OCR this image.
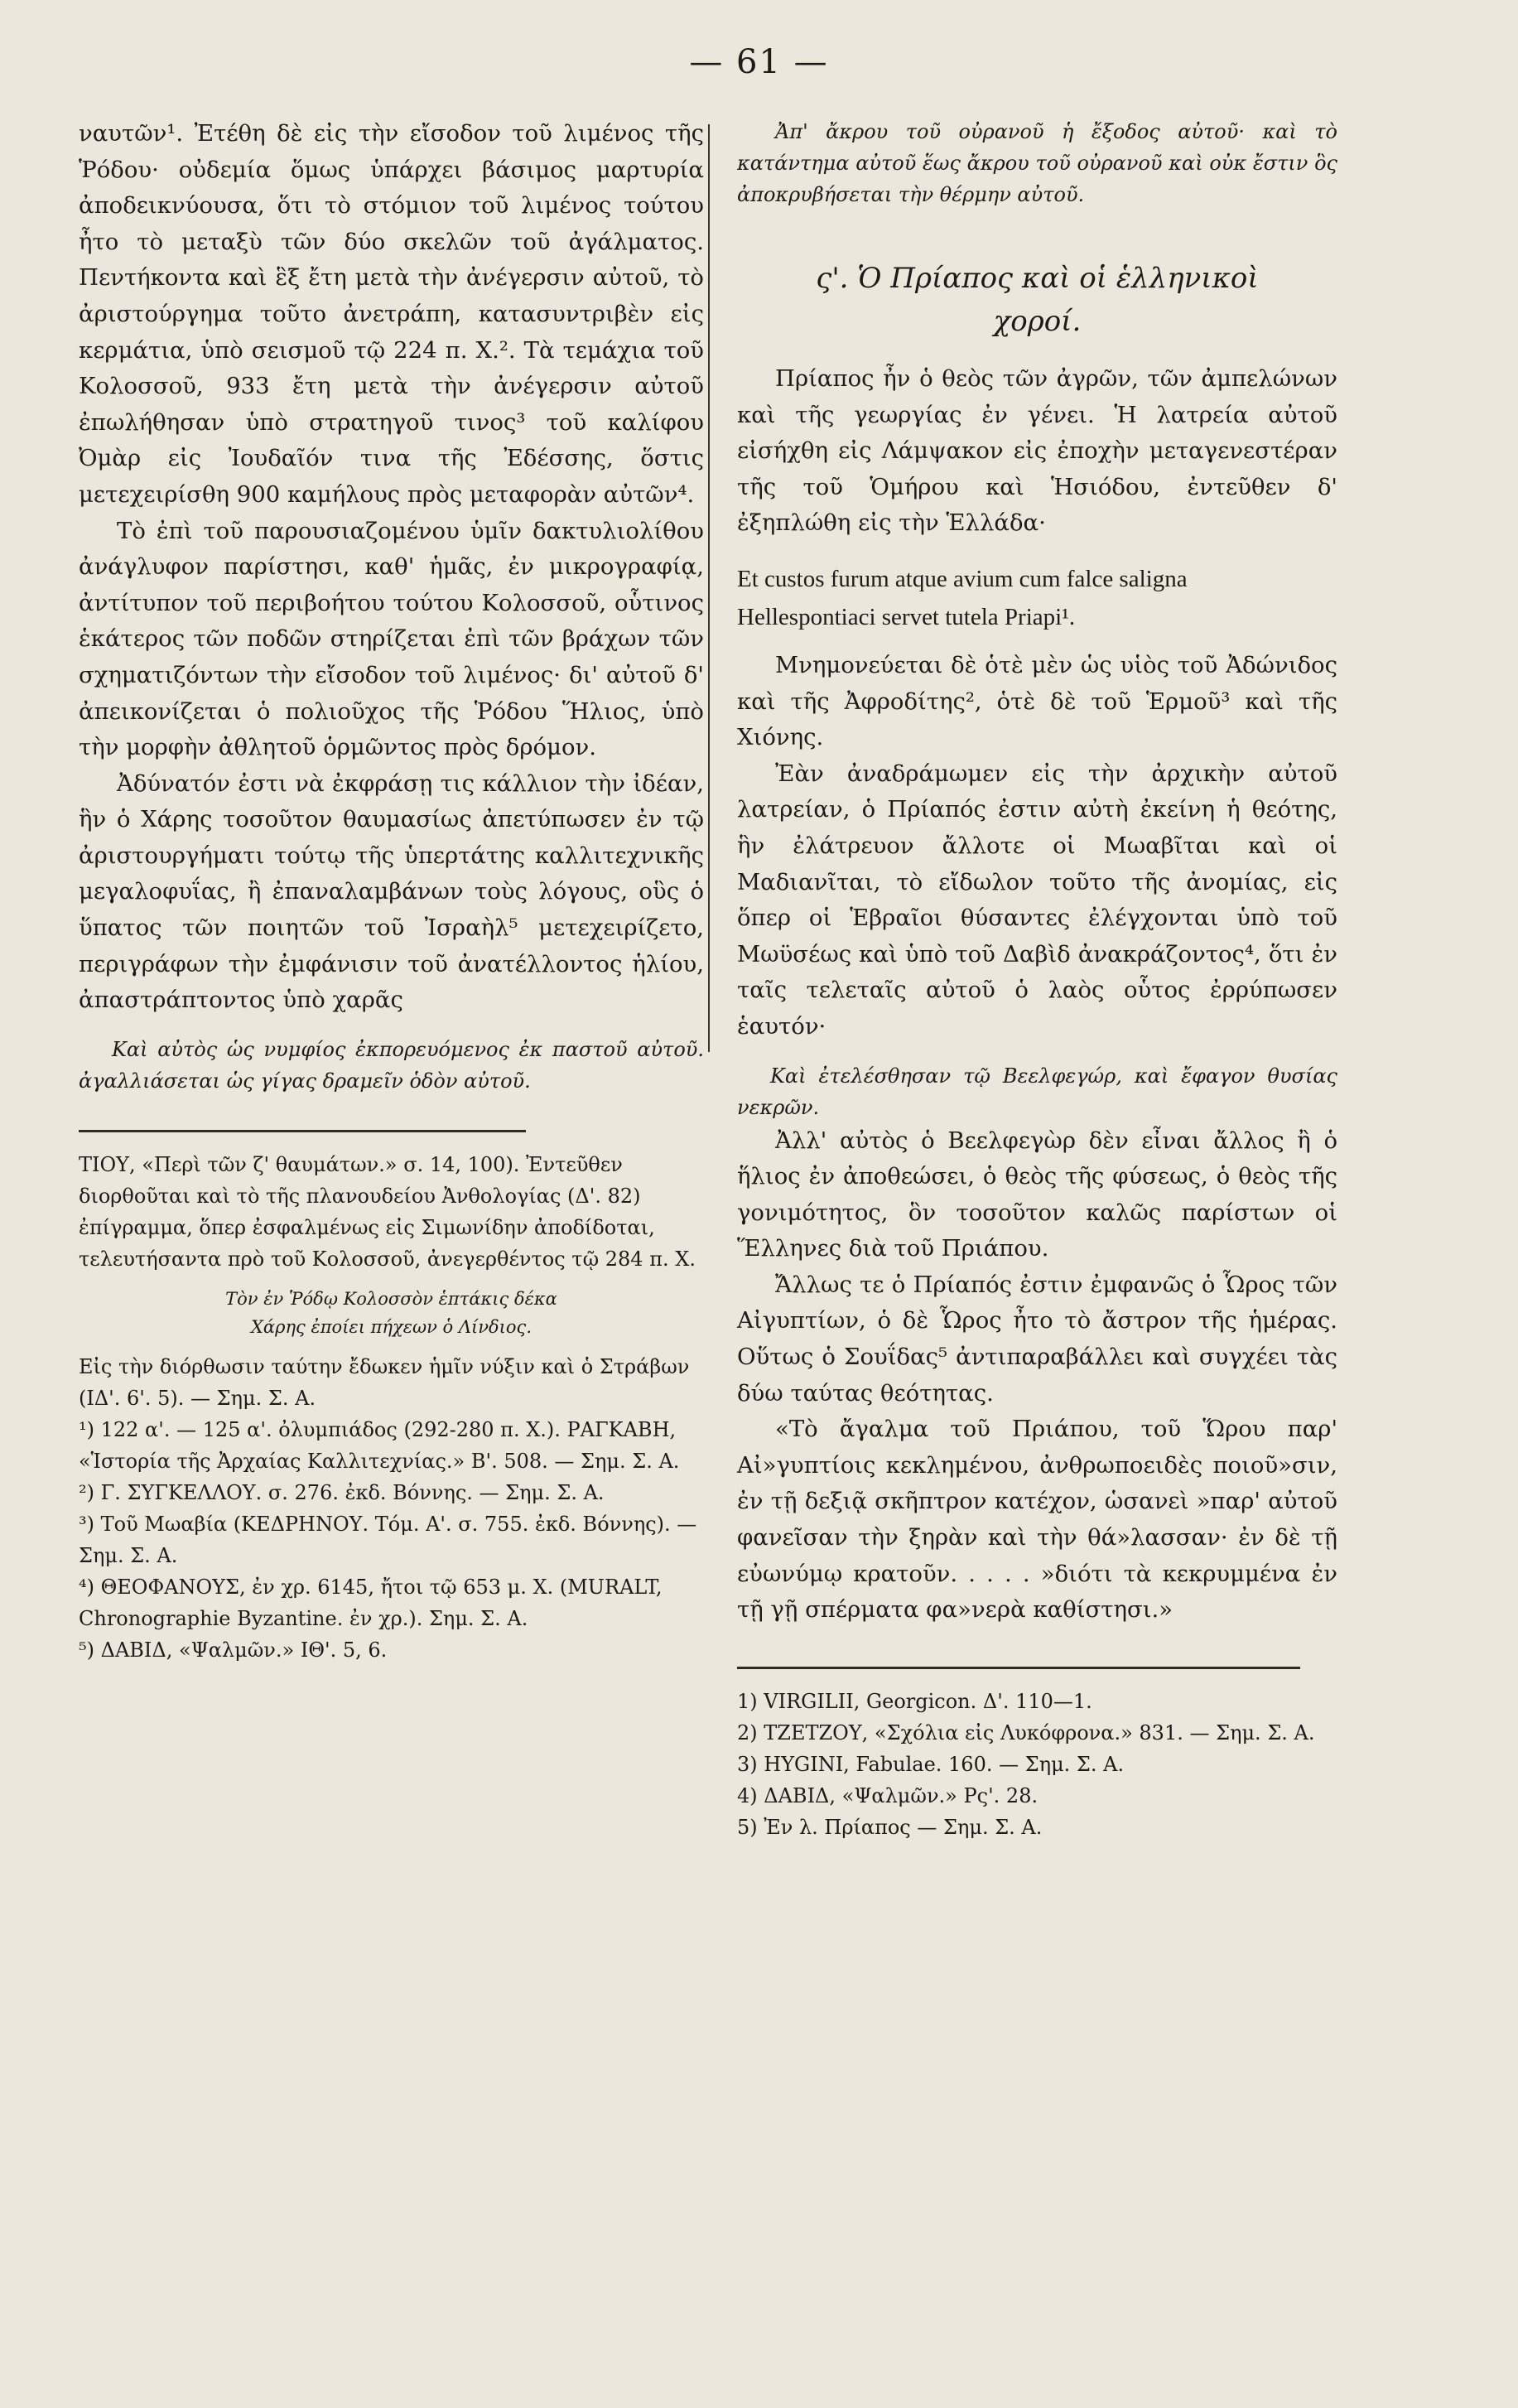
— 61 —

ναυτῶν¹. Ἐτέθη δὲ εἰς τὴν εἴσοδον τοῦ λιμένος τῆς Ῥόδου· οὐδεμία ὅμως ὑπάρχει βάσιμος μαρτυρία ἀποδεικνύουσα, ὅτι τὸ στόμιον τοῦ λιμένος τούτου ἦτο τὸ μεταξὺ τῶν δύο σκελῶν τοῦ ἀγάλματος. Πεντήκοντα καὶ ἓξ ἔτη μετὰ τὴν ἀνέγερσιν αὐτοῦ, τὸ ἀριστούργημα τοῦτο ἀνετράπη, κατασυντριβὲν εἰς κερμάτια, ὑπὸ σεισμοῦ τῷ 224 π. Χ.². Τὰ τεμάχια τοῦ Κολοσσοῦ, 933 ἔτη μετὰ τὴν ἀνέγερσιν αὐτοῦ ἐπωλήθησαν ὑπὸ στρατηγοῦ τινος³ τοῦ καλίφου Ὀμὰρ εἰς Ἰουδαῖόν τινα τῆς Ἐδέσσης, ὅστις μετεχειρίσθη 900 καμήλους πρὸς μεταφορὰν αὐτῶν⁴.

Τὸ ἐπὶ τοῦ παρουσιαζομένου ὑμῖν δακτυλιολίθου ἀνάγλυφον παρίστησι, καθ' ἡμᾶς, ἐν μικρογραφίᾳ, ἀντίτυπον τοῦ περιβοήτου τούτου Κολοσσοῦ, οὗτινος ἑκάτερος τῶν ποδῶν στηρίζεται ἐπὶ τῶν βράχων τῶν σχηματιζόντων τὴν εἴσοδον τοῦ λιμένος· δι' αὐτοῦ δ' ἀπεικονίζεται ὁ πολιοῦχος τῆς Ῥόδου Ἥλιος, ὑπὸ τὴν μορφὴν ἀθλητοῦ ὁρμῶντος πρὸς δρόμον.

Ἀδύνατόν ἐστι νὰ ἐκφράσῃ τις κάλλιον τὴν ἰδέαν, ἣν ὁ Χάρης τοσοῦτον θαυμασίως ἀπετύπωσεν ἐν τῷ ἀριστουργήματι τούτῳ τῆς ὑπερτάτης καλλιτεχνικῆς μεγαλοφυΐας, ἢ ἐπαναλαμβάνων τοὺς λόγους, οὓς ὁ ὕπατος τῶν ποιητῶν τοῦ Ἰσραὴλ⁵ μετεχειρίζετο, περιγράφων τὴν ἐμφάνισιν τοῦ ἀνατέλλοντος ἡλίου, ἀπαστράπτοντος ὑπὸ χαρᾶς

Καὶ αὐτὸς ὡς νυμφίος ἐκπορευόμενος ἐκ παστοῦ αὐτοῦ. ἀγαλλιάσεται ὡς γίγας δραμεῖν ὁδὸν αὐτοῦ.

ΤΙΟΥ, «Περὶ τῶν ζ' θαυμάτων.» σ. 14, 100). Ἐντεῦθεν διορθοῦται καὶ τὸ τῆς πλανουδείου Ἀνθολογίας (Δ'. 82) ἐπίγραμμα, ὅπερ ἐσφαλμένως εἰς Σιμωνίδην ἀποδίδοται, τελευτήσαντα πρὸ τοῦ Κολοσσοῦ, ἀνεγερθέντος τῷ 284 π. Χ.

Τὸν ἐν Ῥόδῳ Κολοσσὸν ἑπτάκις δέκα
Χάρης ἐποίει πήχεων ὁ Λίνδιος.

Εἰς τὴν διόρθωσιν ταύτην ἔδωκεν ἡμῖν νύξιν καὶ ὁ Στράβων (ΙΔ'. 6'. 5). — Σημ. Σ. Α.

¹) 122 α'. — 125 α'. ὀλυμπιάδος (292-280 π. Χ.). ΡΑΓΚΑΒΗ, «Ἱστορία τῆς Ἀρχαίας Καλλιτεχνίας.» Β'. 508. — Σημ. Σ. Α.

²) Γ. ΣΥΓΚΕΛΛΟΥ. σ. 276. ἐκδ. Βόννης. — Σημ. Σ. Α.

³) Τοῦ Μωαβία (ΚΕΔΡΗΝΟΥ. Τόμ. Α'. σ. 755. ἐκδ. Βόννης). — Σημ. Σ. Α.

⁴) ΘΕΟΦΑΝΟΥΣ, ἐν χρ. 6145, ἤτοι τῷ 653 μ. Χ. (MURALT, Chronographie Byzantine. ἐν χρ.). Σημ. Σ. Α.

⁵) ΔΑΒΙΔ, «Ψαλμῶν.» ΙΘ'. 5, 6.

Ἀπ' ἄκρου τοῦ οὐρανοῦ ἡ ἔξοδος αὐτοῦ· καὶ τὸ κατάντημα αὐτοῦ ἕως ἄκρου τοῦ οὐρανοῦ καὶ οὐκ ἔστιν ὃς ἀποκρυβήσεται τὴν θέρμην αὐτοῦ.

ς'. Ὁ Πρίαπος καὶ οἱ ἑλληνικοὶ
χοροί.

Πρίαπος ἦν ὁ θεὸς τῶν ἀγρῶν, τῶν ἀμπελώνων καὶ τῆς γεωργίας ἐν γένει. Ἡ λατρεία αὐτοῦ εἰσήχθη εἰς Λάμψακον εἰς ἐποχὴν μεταγενεστέραν τῆς τοῦ Ὁμήρου καὶ Ἡσιόδου, ἐντεῦθεν δ' ἐξηπλώθη εἰς τὴν Ἑλλάδα·

Et custos furum atque avium cum falce saligna
Hellespontiaci servet tutela Priapi¹.

Μνημονεύεται δὲ ὁτὲ μὲν ὡς υἱὸς τοῦ Ἀδώνιδος καὶ τῆς Ἀφροδίτης², ὁτὲ δὲ τοῦ Ἑρμοῦ³ καὶ τῆς Χιόνης.

Ἐὰν ἀναδράμωμεν εἰς τὴν ἀρχικὴν αὐτοῦ λατρείαν, ὁ Πρίαπός ἐστιν αὐτὴ ἐκείνη ἡ θεότης, ἣν ἐλάτρευον ἄλλοτε οἱ Μωαβῖται καὶ οἱ Μαδιανῖται, τὸ εἴδωλον τοῦτο τῆς ἀνομίας, εἰς ὅπερ οἱ Ἑβραῖοι θύσαντες ἐλέγχονται ὑπὸ τοῦ Μωϋσέως καὶ ὑπὸ τοῦ Δαβὶδ ἀνακράζοντος⁴, ὅτι ἐν ταῖς τελεταῖς αὐτοῦ ὁ λαὸς οὗτος ἐρρύπωσεν ἑαυτόν·

Καὶ ἐτελέσθησαν τῷ Βεελφεγώρ, καὶ ἔφαγον θυσίας νεκρῶν.

Ἀλλ' αὐτὸς ὁ Βεελφεγὼρ δὲν εἶναι ἄλλος ἢ ὁ ἥλιος ἐν ἀποθεώσει, ὁ θεὸς τῆς φύσεως, ὁ θεὸς τῆς γονιμότητος, ὃν τοσοῦτον καλῶς παρίστων οἱ Ἕλληνες διὰ τοῦ Πριάπου.

Ἄλλως τε ὁ Πρίαπός ἐστιν ἐμφανῶς ὁ Ὧρος τῶν Αἰγυπτίων, ὁ δὲ Ὧρος ἦτο τὸ ἄστρον τῆς ἡμέρας. Οὕτως ὁ Σουΐδας⁵ ἀντιπαραβάλλει καὶ συγχέει τὰς δύω ταύτας θεότητας.

«Τὸ ἄγαλμα τοῦ Πριάπου, τοῦ Ὥρου παρ' Αἰ»γυπτίοις κεκλημένου, ἀνθρωποειδὲς ποιοῦ»σιν, ἐν τῇ δεξιᾷ σκῆπτρον κατέχον, ὡσανεὶ »παρ' αὐτοῦ φανεῖσαν τὴν ξηρὰν καὶ τὴν θά»λασσαν· ἐν δὲ τῇ εὐωνύμῳ κρατοῦν. . . . . »διότι τὰ κεκρυμμένα ἐν τῇ γῇ σπέρματα φα»νερὰ καθίστησι.»

1) VIRGILII, Georgicon. Δ'. 110—1.

2) ΤΖΕΤΖΟΥ, «Σχόλια εἰς Λυκόφρονα.» 831. — Σημ. Σ. Α.

3) HYGINI, Fabulae. 160. — Σημ. Σ. Α.

4) ΔΑΒΙΔ, «Ψαλμῶν.» Ρς'. 28.

5) Ἐν λ. Πρίαπος — Σημ. Σ. Α.
